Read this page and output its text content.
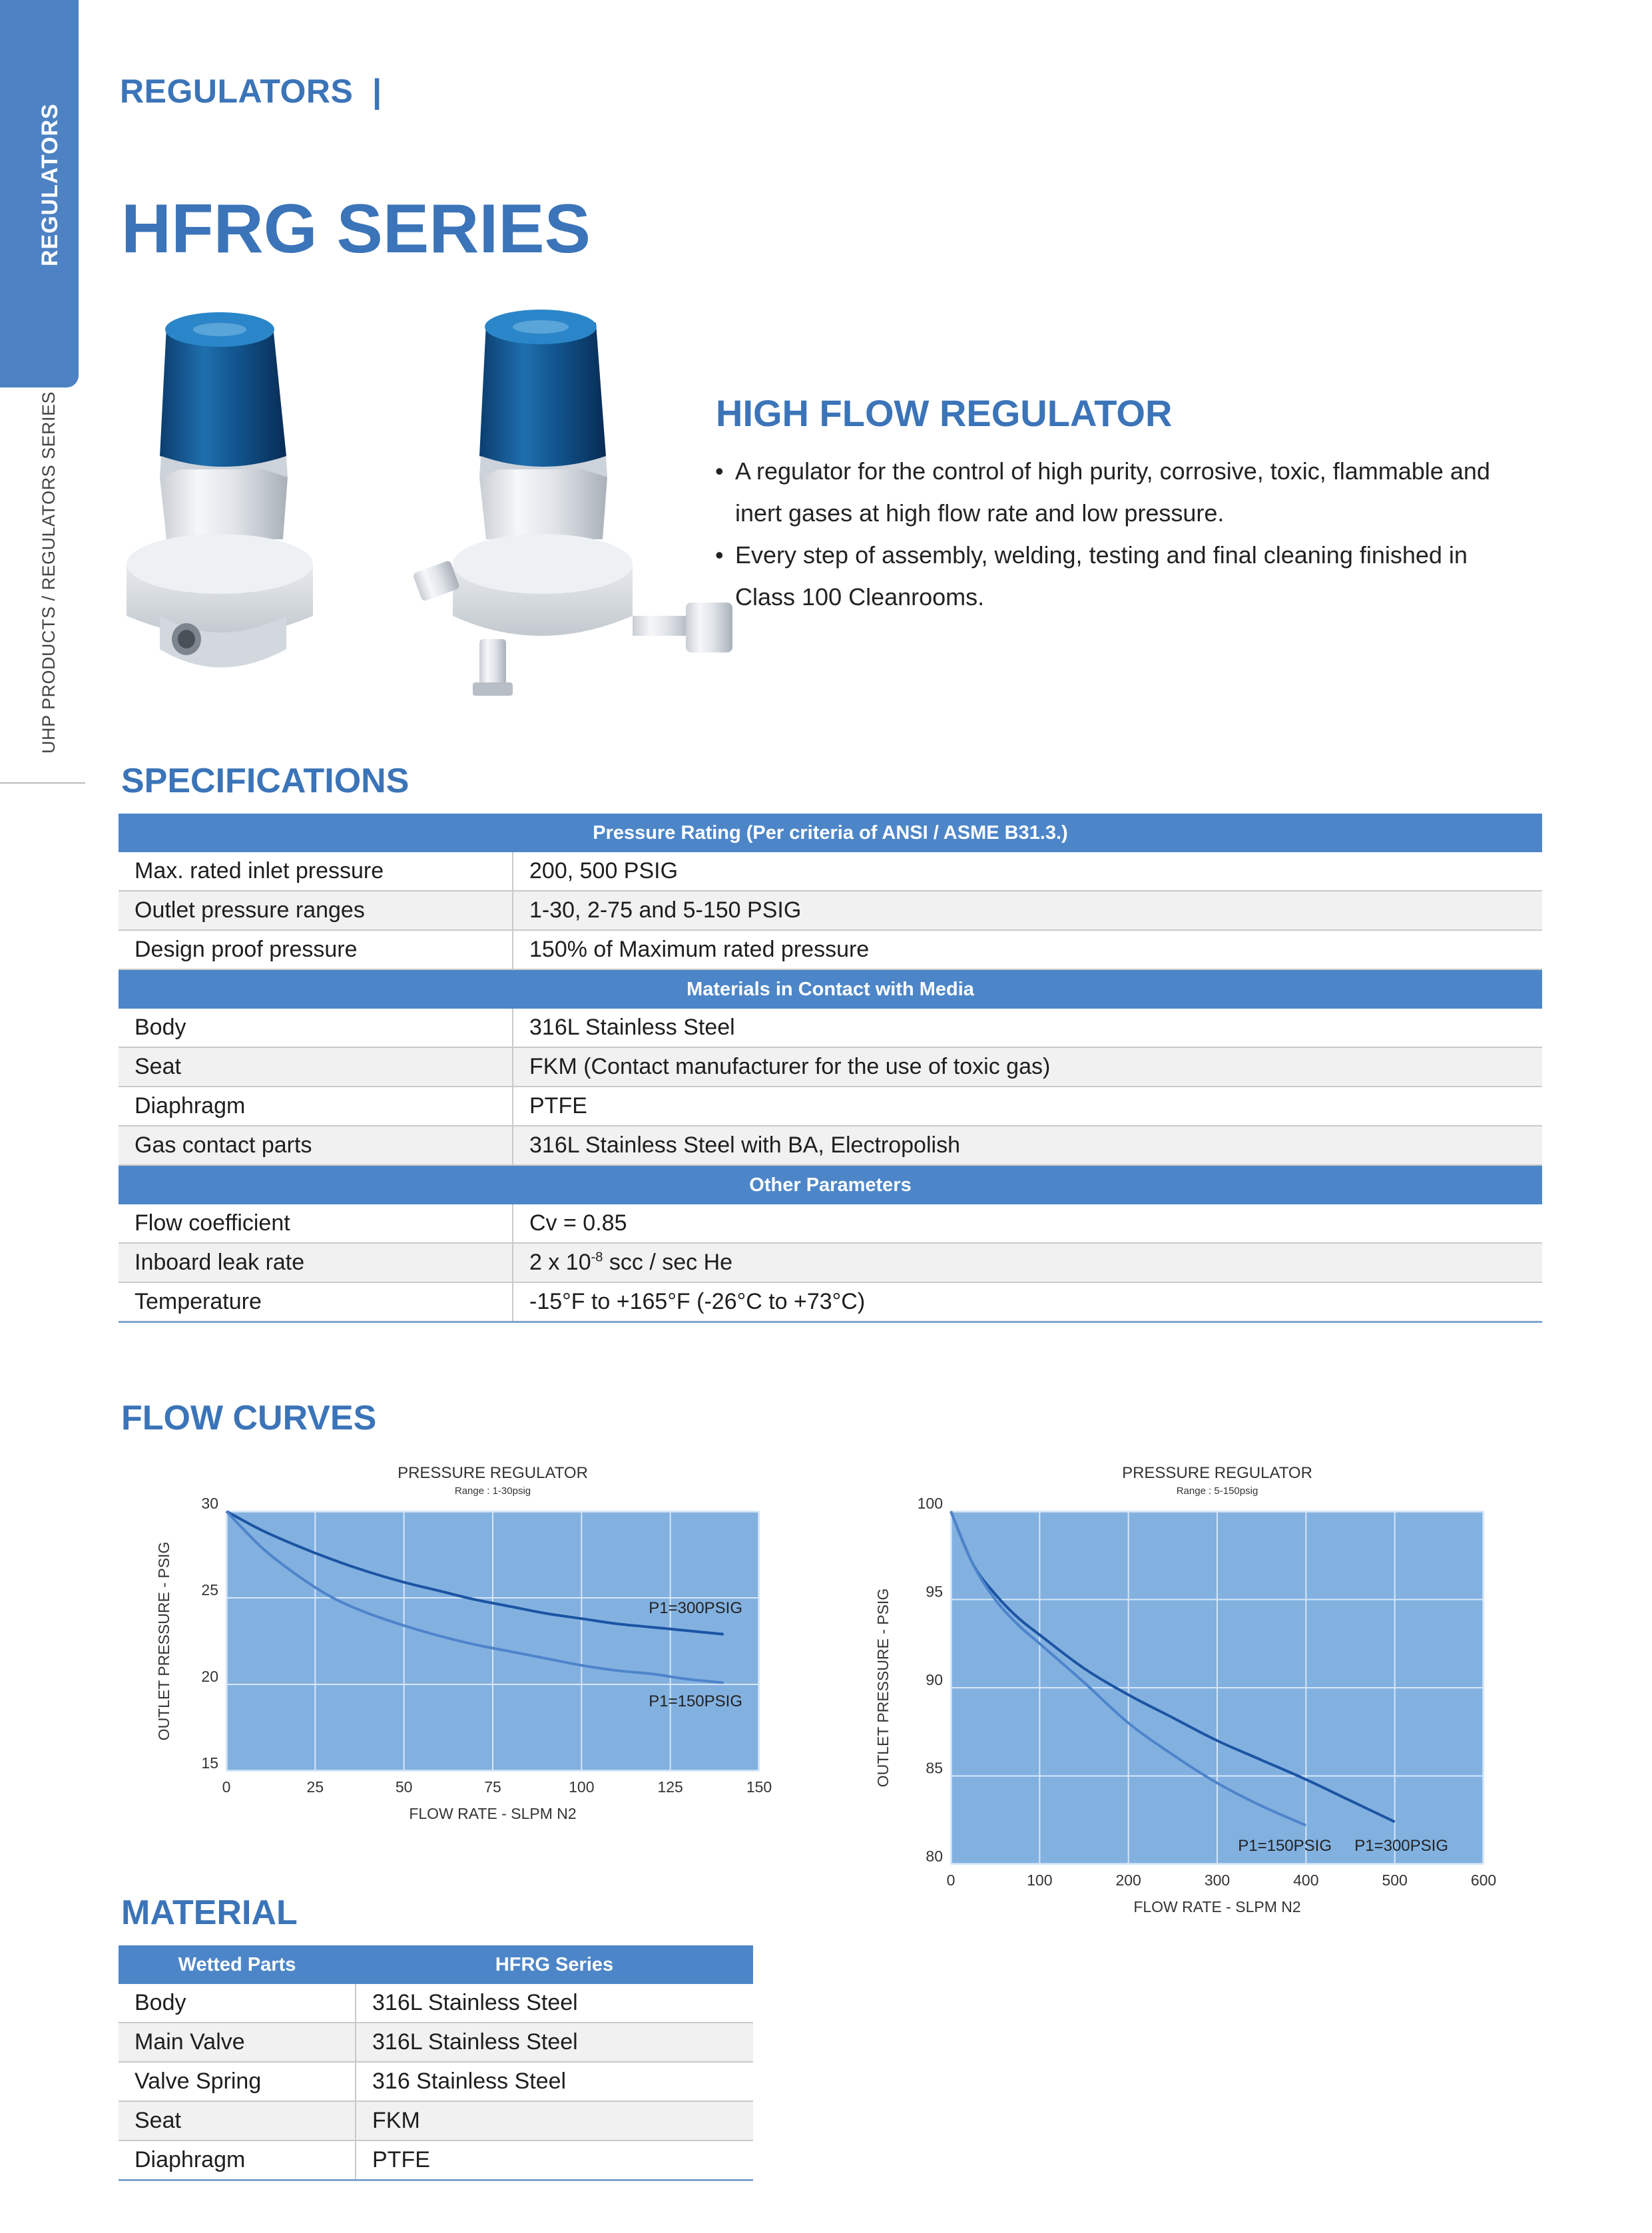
REGULATORS
UHP PRODUCTS / REGULATORS SERIES
REGULATORS  |
HFRG SERIES
HIGH FLOW REGULATOR
• A regulator for the control of high purity, corrosive, toxic, flammable and
inert gases at high flow rate and low pressure.
• Every step of assembly, welding, testing and final cleaning finished in
Class 100 Cleanrooms.
SPECIFICATIONS
Pressure Rating (Per criteria of ANSI / ASME B31.3.)	
Max. rated inlet pressure	200, 500 PSIG
Outlet pressure ranges	1-30, 2-75 and 5-150 PSIG
Design proof pressure	150% of Maximum rated pressure
Materials in Contact with Media	
Body	316L Stainless Steel
Seat	FKM (Contact manufacturer for the use of toxic gas)
Diaphragm	PTFE
Gas contact parts	316L Stainless Steel with BA, Electropolish
Other Parameters	
Flow coefficient	Cv = 0.85
Inboard leak rate	2 x $10^{-8}$ scc / sec He
Temperature	-15°F to +165°F (-26°C to +73°C)
FLOW CURVES
PRESSURE REGULATOR
Range : 1-30psig
0	25	50	75	100	125	150
15
20
25
30
FLOW RATE - SLPM N2
OUTLET PRESSURE - PSIG	P1=300PSIG
P1=150PSIG
PRESSURE REGULATOR
Range : 5-150psig
0	100	200	300	400	500	600
80
85
90
95
100
FLOW RATE - SLPM N2
OUTLET PRESSURE - PSIG
P1=300PSIG
P1=150PSIG
MATERIAL
Wetted Parts	HFRG Series
Body	316L Stainless Steel
Main Valve	316L Stainless Steel
Valve Spring	316 Stainless Steel
Seat	FKM
Diaphragm	PTFE
